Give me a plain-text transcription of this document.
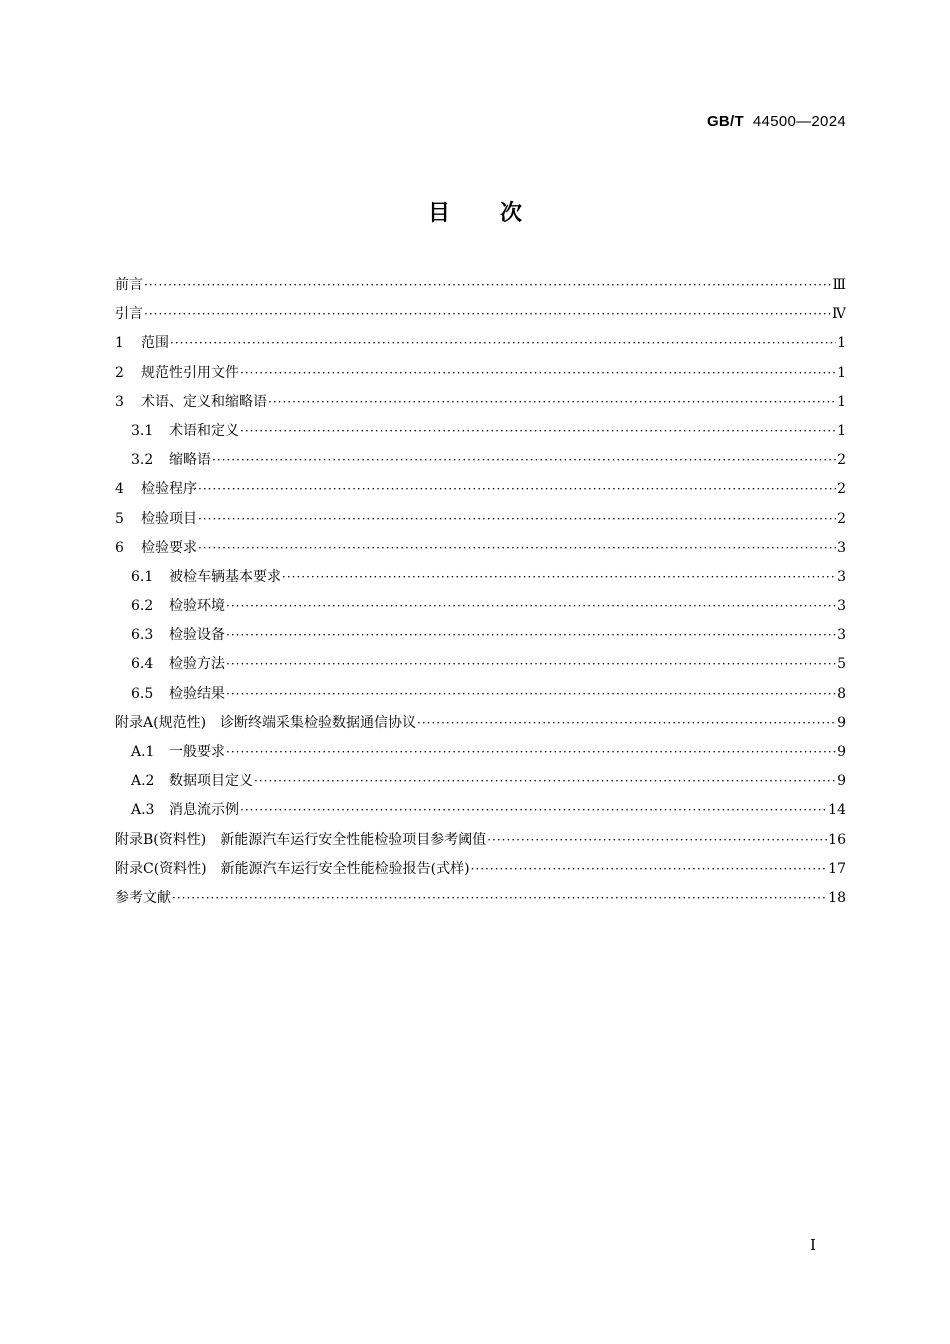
GB/T 44500—2024
目次
前言 ·····	Ⅲ
引言 ·····	Ⅳ
1 范围 ·····	1
2 规范性引用文件 ·····	1
3 术语、定义和缩略语 ·····	1
3.1 术语和定义 ·····	1
3.2 缩略语 ·····	2
4 检验程序 ·····	2
5 检验项目 ·····	2
6 检验要求 ·····	3
6.1 被检车辆基本要求 ·····	3
6.2 检验环境 ·····	3
6.3 检验设备 ·····	3
6.4 检验方法 ·····	5
6.5 检验结果 ·····	8
附录A(规范性) 诊断终端采集检验数据通信协议 ·····	9
A.1 一般要求 ·····	9
A.2 数据项目定义 ·····	9
A.3 消息流示例 ·····	14
附录B(资料性) 新能源汽车运行安全性能检验项目参考阈值 ·····	16
附录C(资料性) 新能源汽车运行安全性能检验报告(式样) ·····	17
参考文献 ·····	18
Ⅰ
